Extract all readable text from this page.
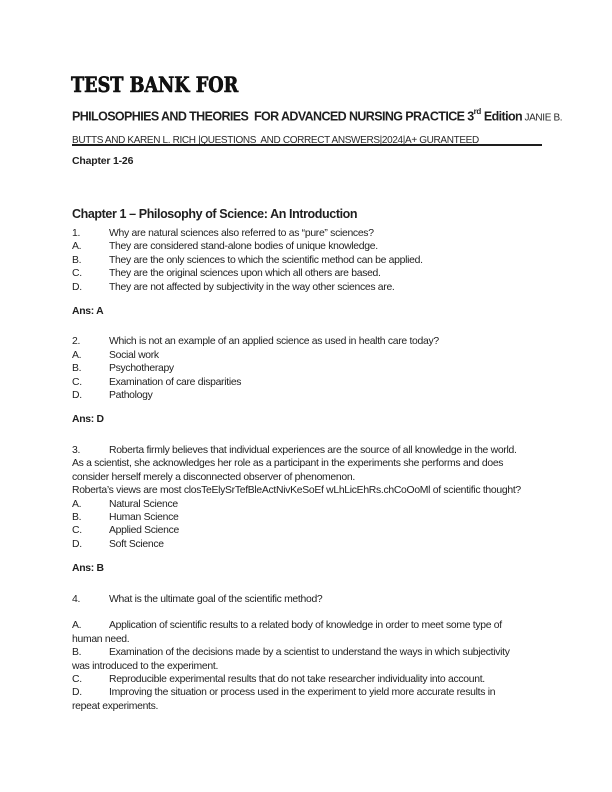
TEST BANK FOR
PHILOSOPHIES AND THEORIES  FOR ADVANCED NURSING PRACTICE 3rd Edition JANIE B.
BUTTS AND KAREN L. RICH |QUESTIONS  AND CORRECT ANSWERS|2024|A+ GURANTEED
Chapter 1-26
Chapter 1 – Philosophy of Science: An Introduction
1.	Why are natural sciences also referred to as “pure” sciences?
A.	They are considered stand-alone bodies of unique knowledge.
B.	They are the only sciences to which the scientific method can be applied.
C.	They are the original sciences upon which all others are based.
D.	They are not affected by subjectivity in the way other sciences are.
Ans: A
2.	Which is not an example of an applied science as used in health care today?
A.	Social work
B.	Psychotherapy
C.	Examination of care disparities
D.	Pathology
Ans: D
3.	Roberta firmly believes that individual experiences are the source of all knowledge in the world.
As a scientist, she acknowledges her role as a participant in the experiments she performs and does
consider herself merely a disconnected observer of phenomenon.
Roberta’s views are most closTeElySrTefBleActNivKeSoEf wLhLicEhRs.chCoOoMl of scientific thought?
A.	Natural Science
B.	Human Science
C.	Applied Science
D.	Soft Science
Ans: B
4.	What is the ultimate goal of the scientific method?

A.	Application of scientific results to a related body of knowledge in order to meet some type of
human need.
B.	Examination of the decisions made by a scientist to understand the ways in which subjectivity
was introduced to the experiment.
C.	Reproducible experimental results that do not take researcher individuality into account.
D.	Improving the situation or process used in the experiment to yield more accurate results in
repeat experiments.
